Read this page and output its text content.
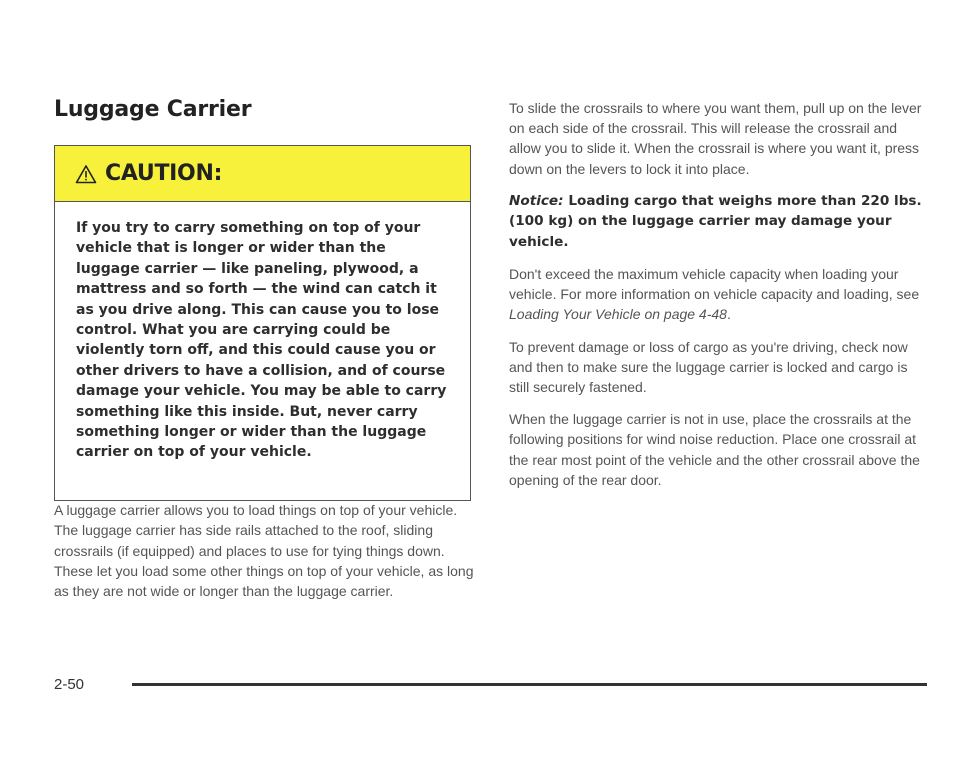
Luggage Carrier
CAUTION:

If you try to carry something on top of your vehicle that is longer or wider than the luggage carrier — like paneling, plywood, a mattress and so forth — the wind can catch it as you drive along. This can cause you to lose control. What you are carrying could be violently torn off, and this could cause you or other drivers to have a collision, and of course damage your vehicle. You may be able to carry something like this inside. But, never carry something longer or wider than the luggage carrier on top of your vehicle.

A luggage carrier allows you to load things on top of your vehicle. The luggage carrier has side rails attached to the roof, sliding crossrails (if equipped) and places to use for tying things down. These let you load some other things on top of your vehicle, as long as they are not wide or longer than the luggage carrier.

To slide the crossrails to where you want them, pull up on the lever on each side of the crossrail. This will release the crossrail and allow you to slide it. When the crossrail is where you want it, press down on the levers to lock it into place.

Notice: Loading cargo that weighs more than 220 lbs. (100 kg) on the luggage carrier may damage your vehicle.

Don't exceed the maximum vehicle capacity when loading your vehicle. For more information on vehicle capacity and loading, see Loading Your Vehicle on page 4-48.

To prevent damage or loss of cargo as you're driving, check now and then to make sure the luggage carrier is locked and cargo is still securely fastened.

When the luggage carrier is not in use, place the crossrails at the following positions for wind noise reduction. Place one crossrail at the rear most point of the vehicle and the other crossrail above the opening of the rear door.

2-50
